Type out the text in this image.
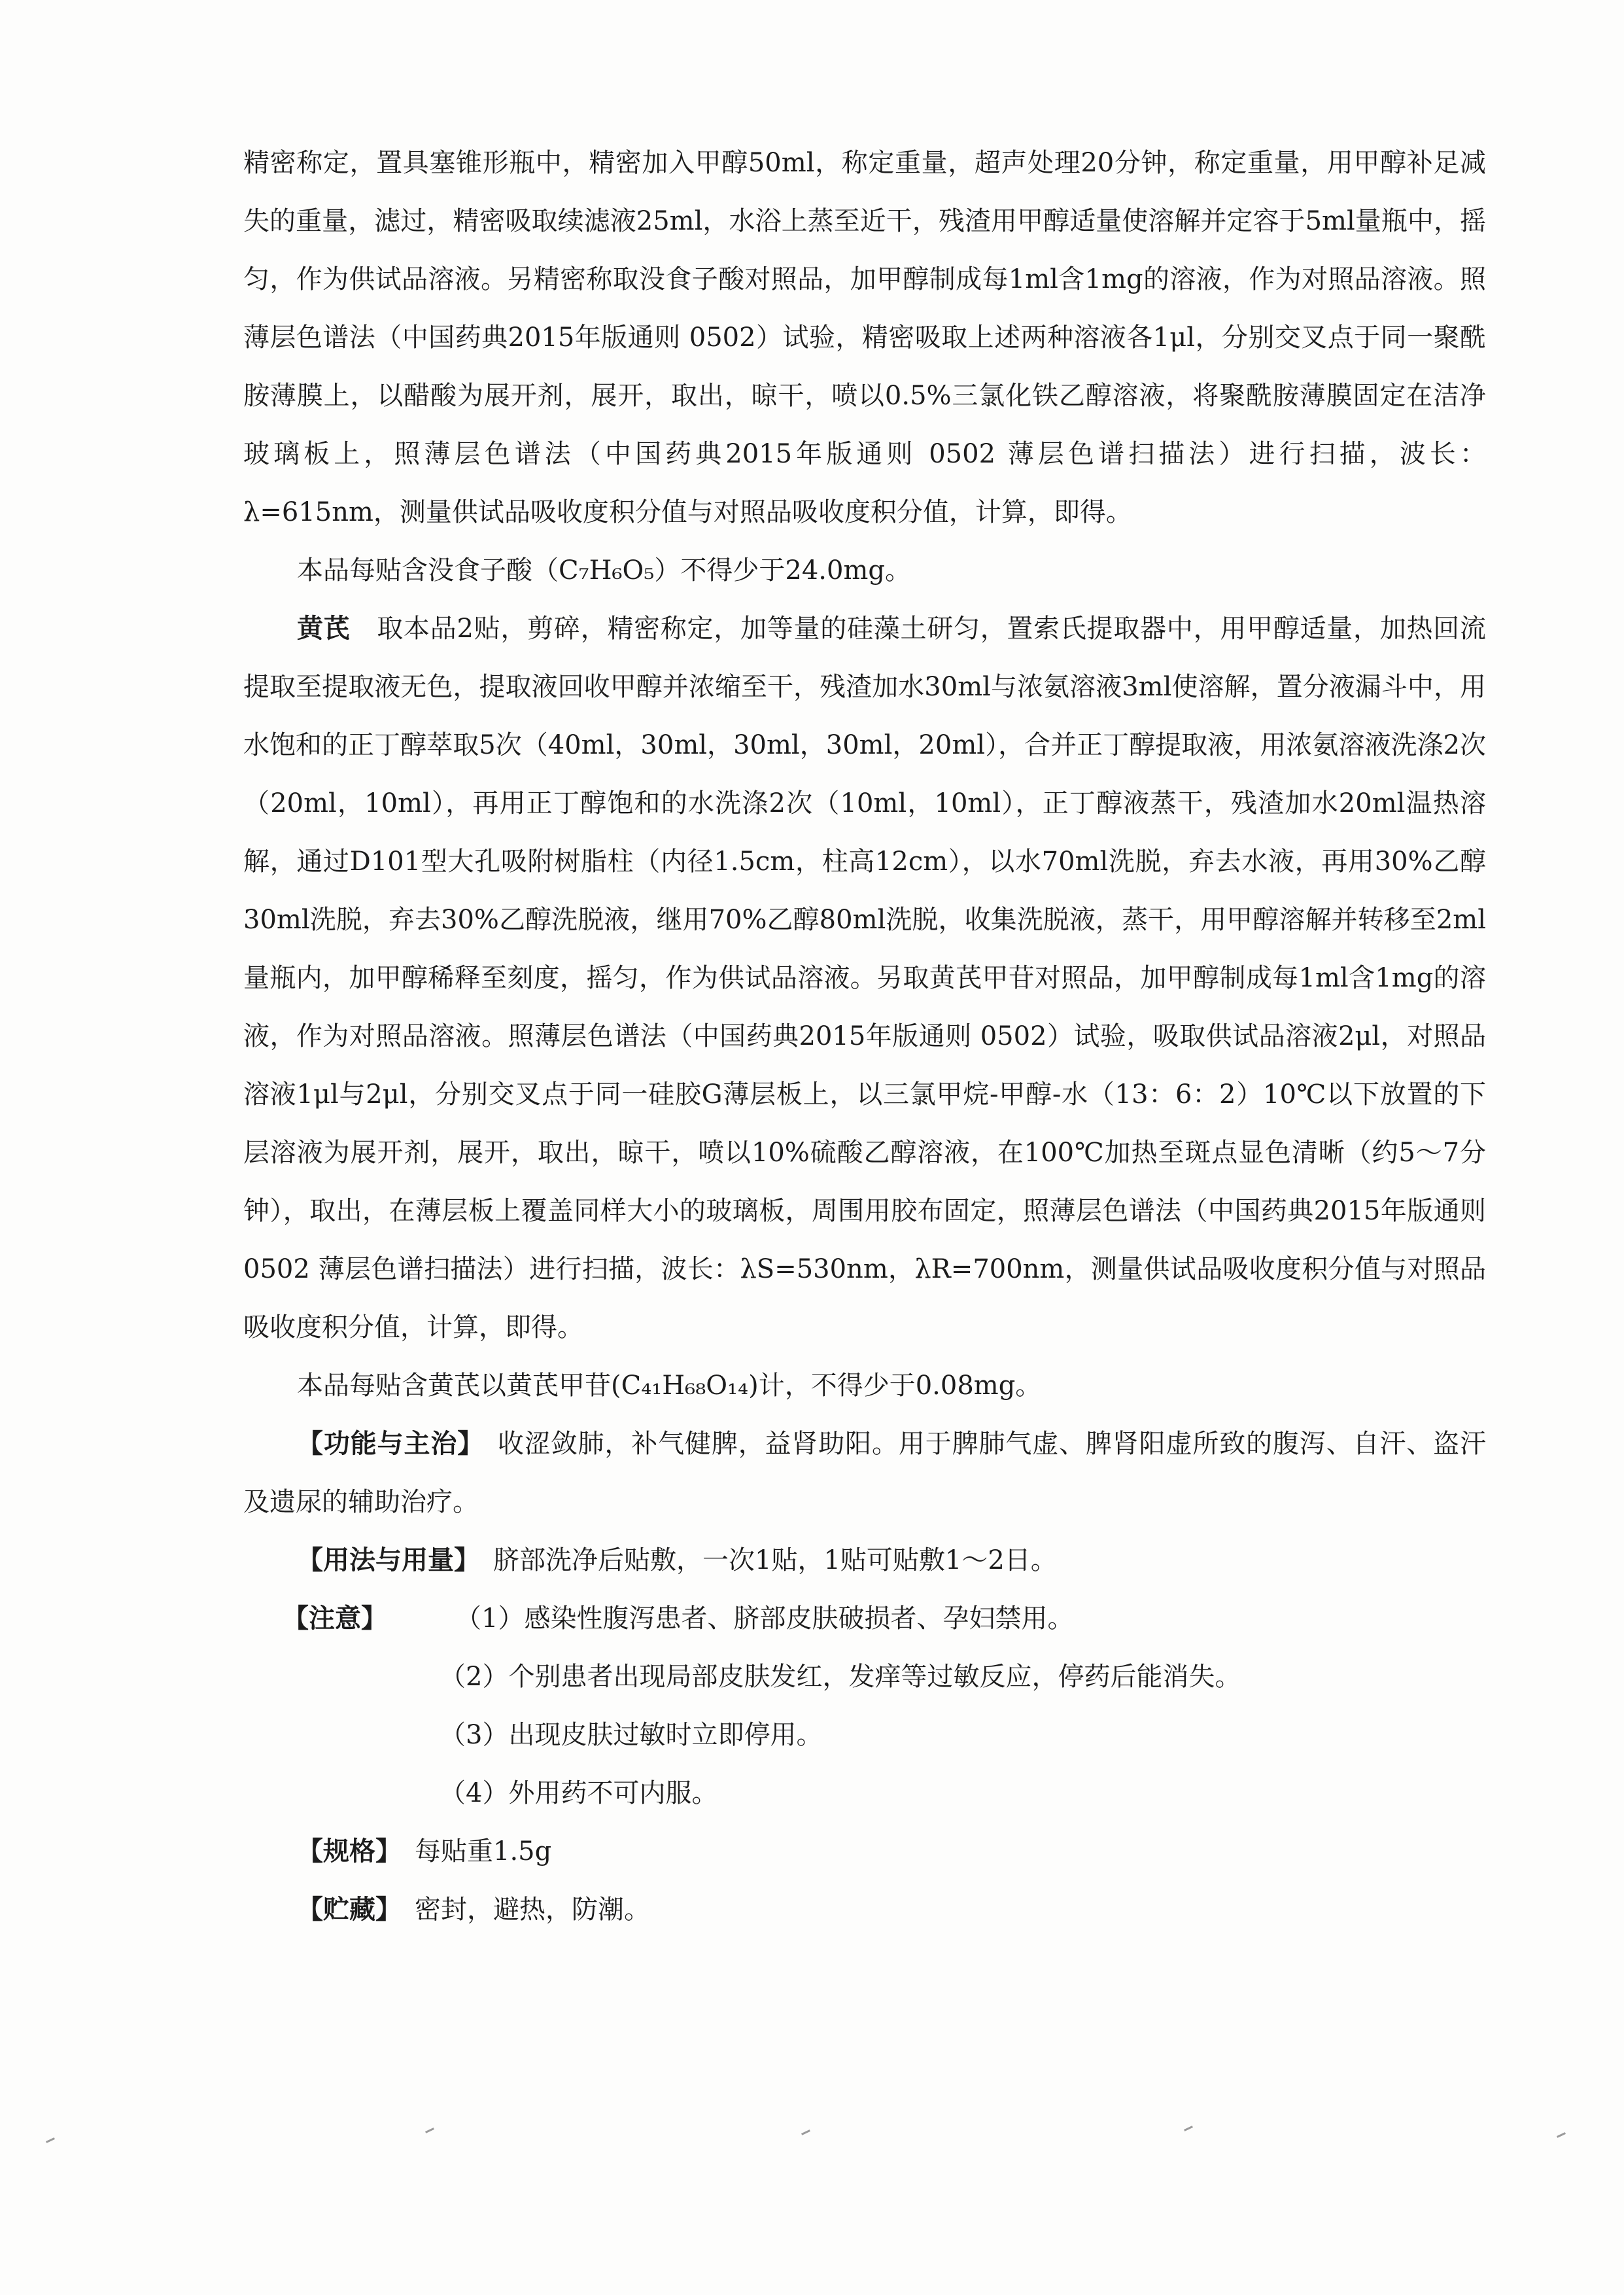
精密称定，置具塞锥形瓶中，精密加入甲醇50ml，称定重量，超声处理20分钟，称定重量，用甲醇补足减失的重量，滤过，精密吸取续滤液25ml，水浴上蒸至近干，残渣用甲醇适量使溶解并定容于5ml量瓶中，摇匀，作为供试品溶液。另精密称取没食子酸对照品，加甲醇制成每1ml含1mg的溶液，作为对照品溶液。照薄层色谱法（中国药典2015年版通则 0502）试验，精密吸取上述两种溶液各1μl，分别交叉点于同一聚酰胺薄膜上，以醋酸为展开剂，展开，取出，晾干，喷以0.5%三氯化铁乙醇溶液，将聚酰胺薄膜固定在洁净玻璃板上，照薄层色谱法（中国药典2015年版通则 0502 薄层色谱扫描法）进行扫描，波长：λ=615nm，测量供试品吸收度积分值与对照品吸收度积分值，计算，即得。

本品每贴含没食子酸（C₇H₆O₅）不得少于24.0mg。

黄芪　 取本品2贴，剪碎，精密称定，加等量的硅藻土研匀，置索氏提取器中，用甲醇适量，加热回流提取至提取液无色，提取液回收甲醇并浓缩至干，残渣加水30ml与浓氨溶液3ml使溶解，置分液漏斗中，用水饱和的正丁醇萃取5次（40ml，30ml，30ml，30ml，20ml），合并正丁醇提取液，用浓氨溶液洗涤2次（20ml，10ml），再用正丁醇饱和的水洗涤2次（10ml，10ml），正丁醇液蒸干，残渣加水20ml温热溶解，通过D101型大孔吸附树脂柱（内径1.5cm，柱高12cm），以水70ml洗脱，弃去水液，再用30%乙醇30ml洗脱，弃去30%乙醇洗脱液，继用70%乙醇80ml洗脱，收集洗脱液，蒸干，用甲醇溶解并转移至2ml量瓶内，加甲醇稀释至刻度，摇匀，作为供试品溶液。另取黄芪甲苷对照品，加甲醇制成每1ml含1mg的溶液，作为对照品溶液。照薄层色谱法（中国药典2015年版通则 0502）试验，吸取供试品溶液2μl，对照品溶液1μl与2μl，分别交叉点于同一硅胶G薄层板上，以三氯甲烷-甲醇-水（13：6：2）10℃以下放置的下层溶液为展开剂，展开，取出，晾干，喷以10%硫酸乙醇溶液，在100℃加热至斑点显色清晰（约5～7分钟），取出，在薄层板上覆盖同样大小的玻璃板，周围用胶布固定，照薄层色谱法（中国药典2015年版通则 0502 薄层色谱扫描法）进行扫描，波长：λS=530nm，λR=700nm，测量供试品吸收度积分值与对照品吸收度积分值，计算，即得。

本品每贴含黄芪以黄芪甲苷(C₄₁H₆₈O₁₄)计，不得少于0.08mg。

【功能与主治】　 收涩敛肺，补气健脾，益肾助阳。用于脾肺气虚、脾肾阳虚所致的腹泻、自汗、盗汗及遗尿的辅助治疗。

【用法与用量】　 脐部洗净后贴敷，一次1贴，1贴可贴敷1～2日。

【注意】	（1）感染性腹泻患者、脐部皮肤破损者、孕妇禁用。
（2）个别患者出现局部皮肤发红，发痒等过敏反应，停药后能消失。
（3）出现皮肤过敏时立即停用。
（4）外用药不可内服。

【规格】　 每贴重1.5g

【贮藏】　 密封，避热，防潮。
